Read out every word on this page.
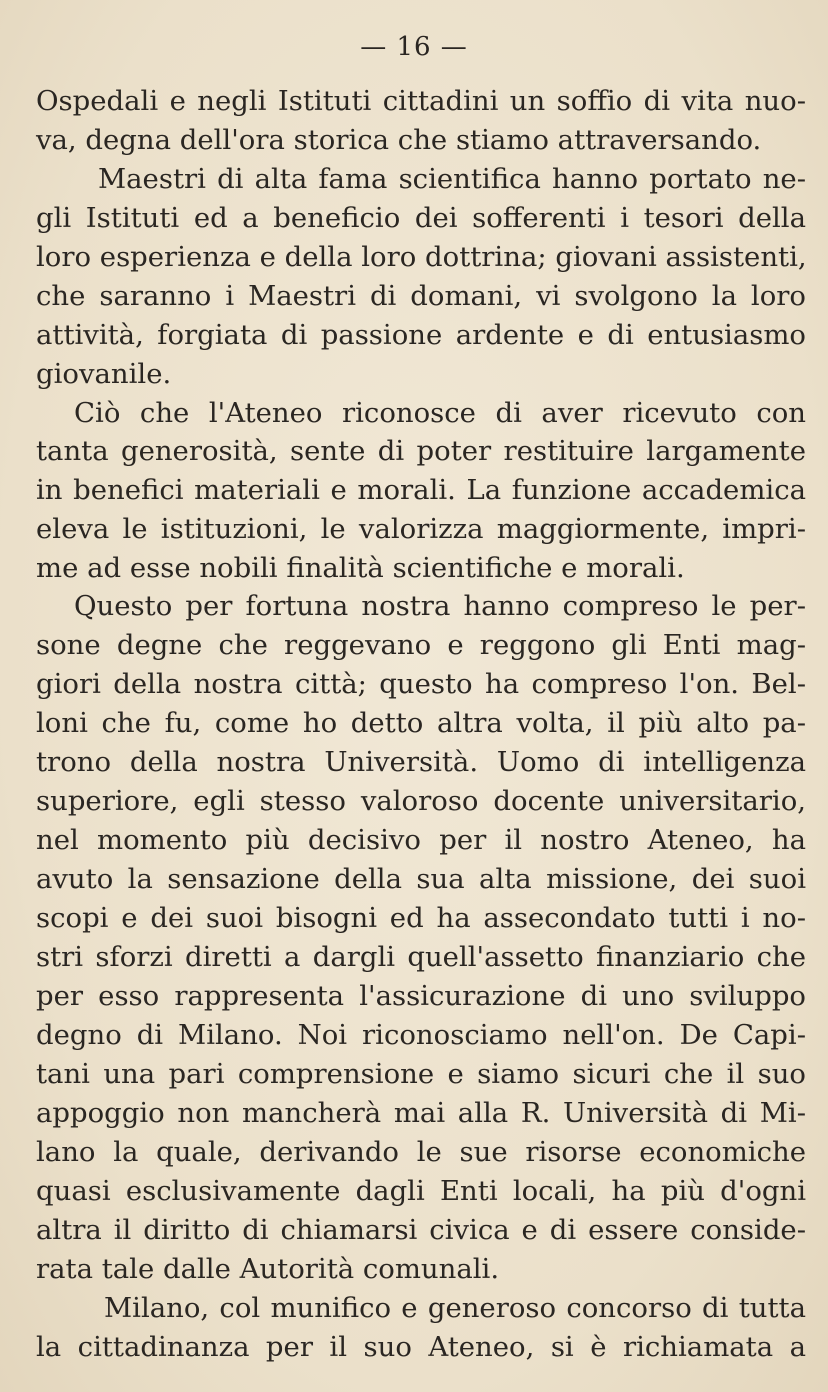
— 16 —
Ospedali e negli Istituti cittadini un soffio di vita nuo-
va, degna dell'ora storica che stiamo attraversando.
Maestri di alta fama scientifica hanno portato ne-
gli Istituti ed a beneficio dei sofferenti i tesori della
loro esperienza e della loro dottrina; giovani assistenti,
che saranno i Maestri di domani, vi svolgono la loro
attività, forgiata di passione ardente e di entusiasmo
giovanile.
Ciò che l'Ateneo riconosce di aver ricevuto con
tanta generosità, sente di poter restituire largamente
in benefici materiali e morali. La funzione accademica
eleva le istituzioni, le valorizza maggiormente, impri-
me ad esse nobili finalità scientifiche e morali.
Questo per fortuna nostra hanno compreso le per-
sone degne che reggevano e reggono gli Enti mag-
giori della nostra città; questo ha compreso l'on. Bel-
loni che fu, come ho detto altra volta, il più alto pa-
trono della nostra Università. Uomo di intelligenza
superiore, egli stesso valoroso docente universitario,
nel momento più decisivo per il nostro Ateneo, ha
avuto la sensazione della sua alta missione, dei suoi
scopi e dei suoi bisogni ed ha assecondato tutti i no-
stri sforzi diretti a dargli quell'assetto finanziario che
per esso rappresenta l'assicurazione di uno sviluppo
degno di Milano. Noi riconosciamo nell'on. De Capi-
tani una pari comprensione e siamo sicuri che il suo
appoggio non mancherà mai alla R. Università di Mi-
lano la quale, derivando le sue risorse economiche
quasi esclusivamente dagli Enti locali, ha più d'ogni
altra il diritto di chiamarsi civica e di essere conside-
rata tale dalle Autorità comunali.
Milano, col munifico e generoso concorso di tutta
la cittadinanza per il suo Ateneo, si è richiamata a
